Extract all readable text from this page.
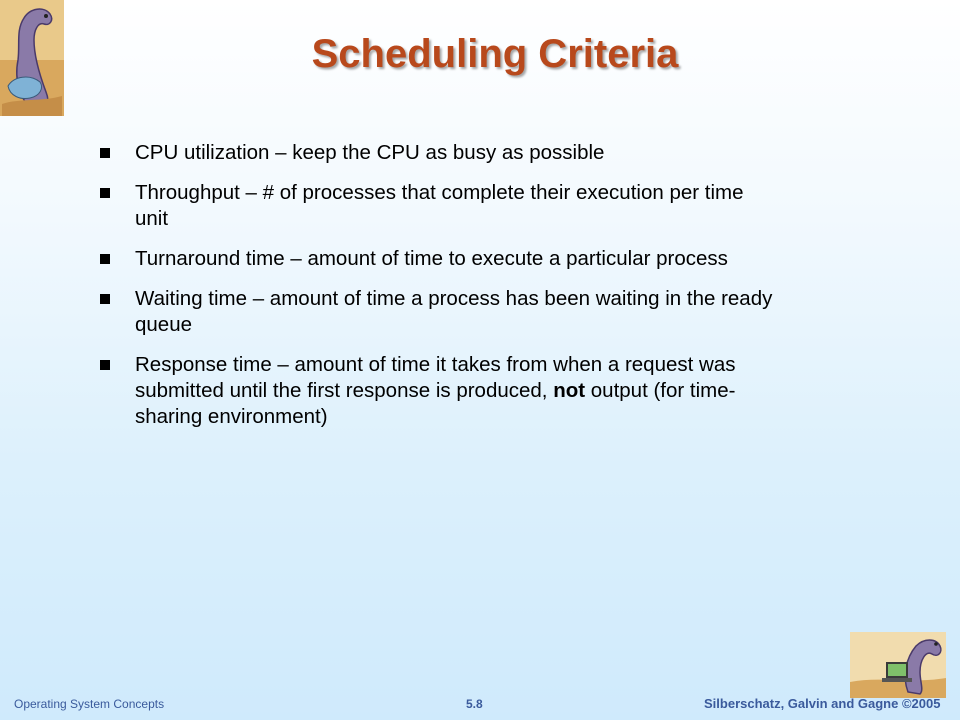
Scheduling Criteria
CPU utilization – keep the CPU as busy as possible
Throughput – # of processes that complete their execution per time unit
Turnaround time – amount of time to execute a particular process
Waiting time – amount of time a process has been waiting in the ready queue
Response time – amount of time it takes from when a request was submitted until the first response is produced, not output (for time-sharing environment)
Operating System Concepts	5.8	Silberschatz, Galvin and Gagne ©2005
